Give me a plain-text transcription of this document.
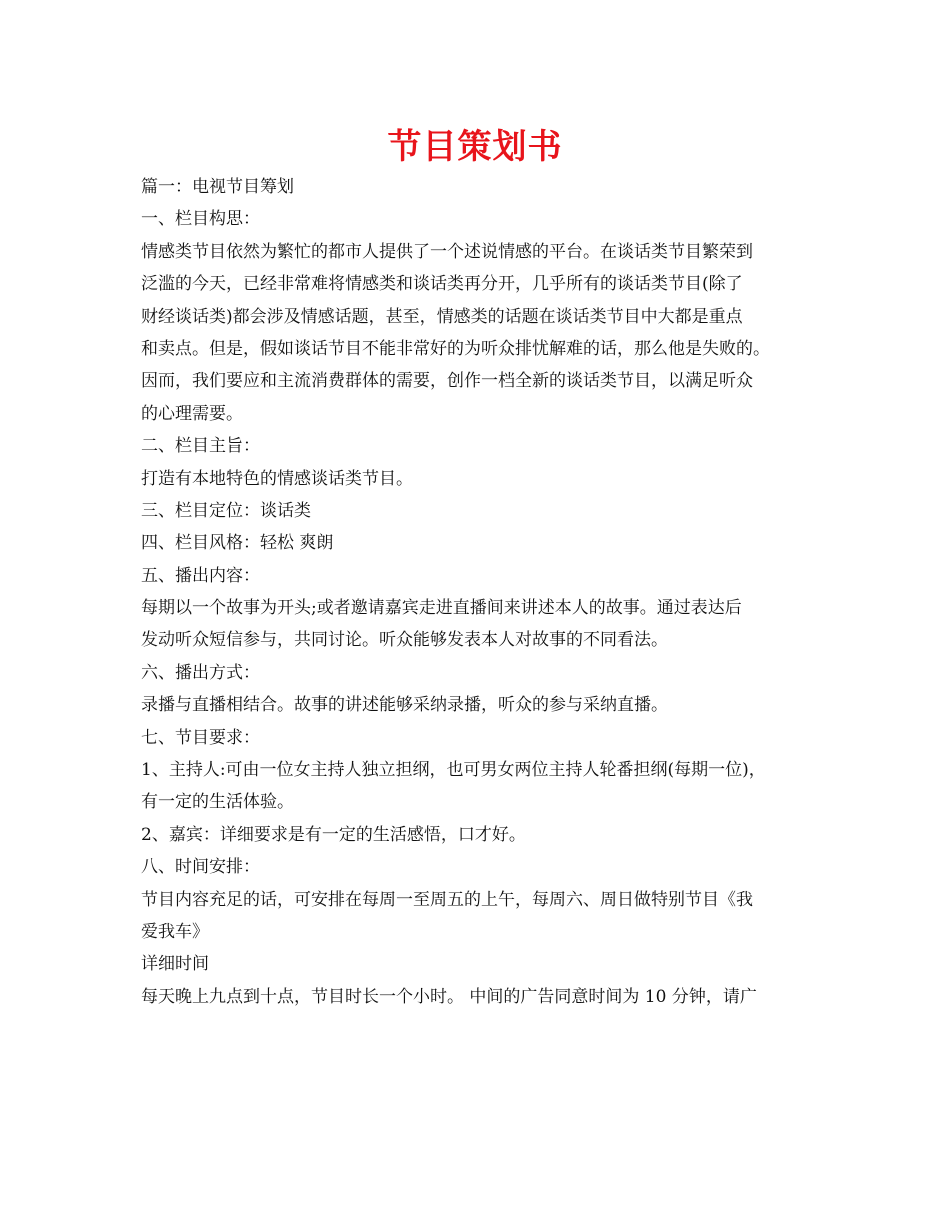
节目策划书
篇一：电视节目筹划
一、栏目构思：
情感类节目依然为繁忙的都市人提供了一个述说情感的平台。在谈话类节目繁荣到
泛滥的今天，已经非常难将情感类和谈话类再分开，几乎所有的谈话类节目(除了
财经谈话类)都会涉及情感话题，甚至，情感类的话题在谈话类节目中大都是重点
和卖点。但是，假如谈话节目不能非常好的为听众排忧解难的话，那么他是失败的。
因而，我们要应和主流消费群体的需要，创作一档全新的谈话类节目，以满足听众
的心理需要。
二、栏目主旨：
打造有本地特色的情感谈话类节目。
三、栏目定位：谈话类
四、栏目风格：轻松 爽朗
五、播出内容：
每期以一个故事为开头;或者邀请嘉宾走进直播间来讲述本人的故事。通过表达后
发动听众短信参与，共同讨论。听众能够发表本人对故事的不同看法。
六、播出方式：
录播与直播相结合。故事的讲述能够采纳录播，听众的参与采纳直播。
七、节目要求：
1、主持人:可由一位女主持人独立担纲，也可男女两位主持人轮番担纲(每期一位)，
有一定的生活体验。
2、嘉宾：详细要求是有一定的生活感悟，口才好。
八、时间安排：
节目内容充足的话，可安排在每周一至周五的上午，每周六、周日做特别节目《我
爱我车》
详细时间
每天晚上九点到十点，节目时长一个小时。 中间的广告同意时间为 10 分钟，请广
